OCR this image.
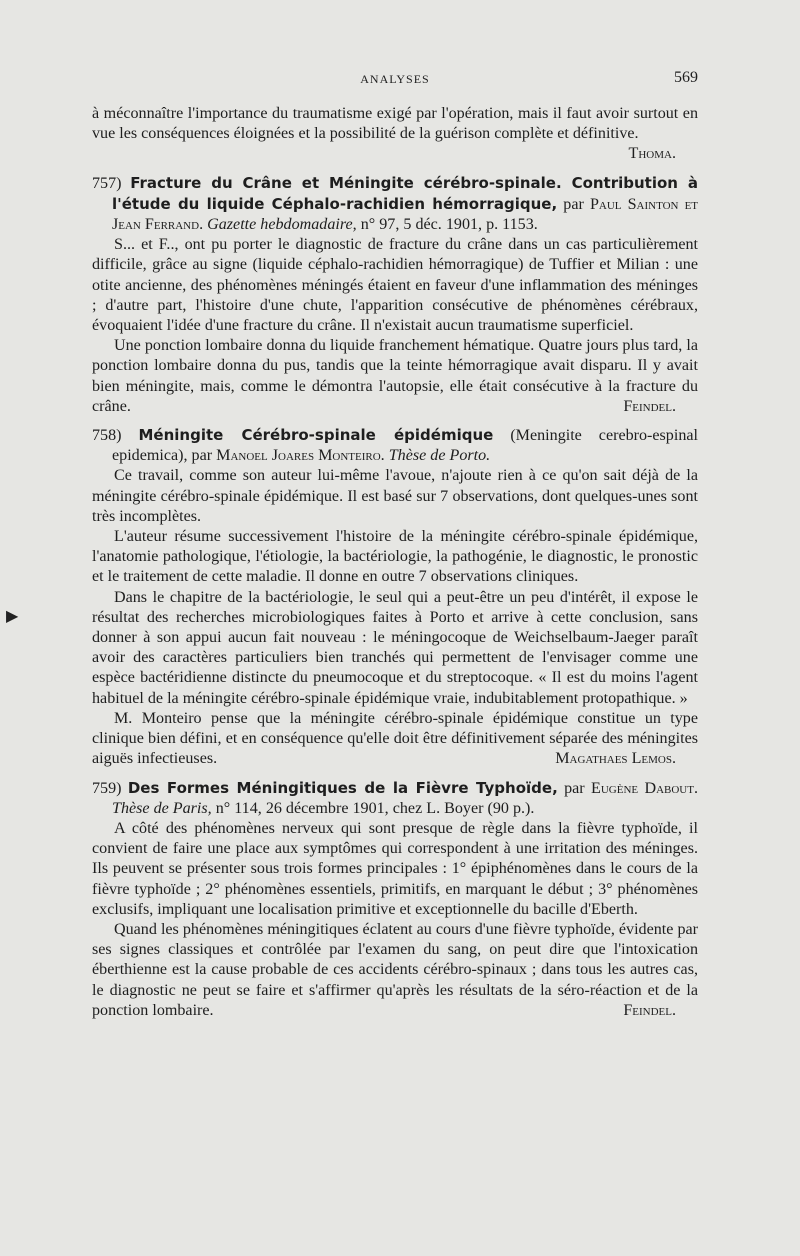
ANALYSES	569
▶

à méconnaître l'importance du traumatisme exigé par l'opération, mais il faut avoir surtout en vue les conséquences éloignées et la possibilité de la guérison complète et définitive.
Thoma.

757) Fracture du Crâne et Méningite cérébro-spinale. Contribution à l'étude du liquide Céphalo-rachidien hémorragique, par Paul Sainton et Jean Ferrand. Gazette hebdomadaire, n° 97, 5 déc. 1901, p. 1153.

S... et F.., ont pu porter le diagnostic de fracture du crâne dans un cas particulièrement difficile, grâce au signe (liquide céphalo-rachidien hémorragique) de Tuffier et Milian : une otite ancienne, des phénomènes méningés étaient en faveur d'une inflammation des méninges ; d'autre part, l'histoire d'une chute, l'apparition consécutive de phénomènes cérébraux, évoquaient l'idée d'une fracture du crâne. Il n'existait aucun traumatisme superficiel.

Une ponction lombaire donna du liquide franchement hématique. Quatre jours plus tard, la ponction lombaire donna du pus, tandis que la teinte hémorragique avait disparu. Il y avait bien méningite, mais, comme le démontra l'autopsie, elle était consécutive à la fracture du crâne.	Feindel.

758) Méningite Cérébro-spinale épidémique (Meningite cerebro-espinal epidemica), par Manoel Joares Monteiro. Thèse de Porto.

Ce travail, comme son auteur lui-même l'avoue, n'ajoute rien à ce qu'on sait déjà de la méningite cérébro-spinale épidémique. Il est basé sur 7 observations, dont quelques-unes sont très incomplètes.

L'auteur résume successivement l'histoire de la méningite cérébro-spinale épidémique, l'anatomie pathologique, l'étiologie, la bactériologie, la pathogénie, le diagnostic, le pronostic et le traitement de cette maladie. Il donne en outre 7 observations cliniques.

Dans le chapitre de la bactériologie, le seul qui a peut-être un peu d'intérêt, il expose le résultat des recherches microbiologiques faites à Porto et arrive à cette conclusion, sans donner à son appui aucun fait nouveau : le méningocoque de Weichselbaum-Jaeger paraît avoir des caractères particuliers bien tranchés qui permettent de l'envisager comme une espèce bactéridienne distincte du pneumocoque et du streptocoque. « Il est du moins l'agent habituel de la méningite cérébro-spinale épidémique vraie, indubitablement protopathique. »

M. Monteiro pense que la méningite cérébro-spinale épidémique constitue un type clinique bien défini, et en conséquence qu'elle doit être définitivement séparée des méningites aiguës infectieuses.	Magathaes Lemos.

759) Des Formes Méningitiques de la Fièvre Typhoïde, par Eugène Dabout. Thèse de Paris, n° 114, 26 décembre 1901, chez L. Boyer (90 p.).

A côté des phénomènes nerveux qui sont presque de règle dans la fièvre typhoïde, il convient de faire une place aux symptômes qui correspondent à une irritation des méninges. Ils peuvent se présenter sous trois formes principales : 1° épiphénomènes dans le cours de la fièvre typhoïde ; 2° phénomènes essentiels, primitifs, en marquant le début ; 3° phénomènes exclusifs, impliquant une localisation primitive et exceptionnelle du bacille d'Eberth.

Quand les phénomènes méningitiques éclatent au cours d'une fièvre typhoïde, évidente par ses signes classiques et contrôlée par l'examen du sang, on peut dire que l'intoxication éberthienne est la cause probable de ces accidents cérébro-spinaux ; dans tous les autres cas, le diagnostic ne peut se faire et s'affirmer qu'après les résultats de la séro-réaction et de la ponction lombaire.	Feindel.
